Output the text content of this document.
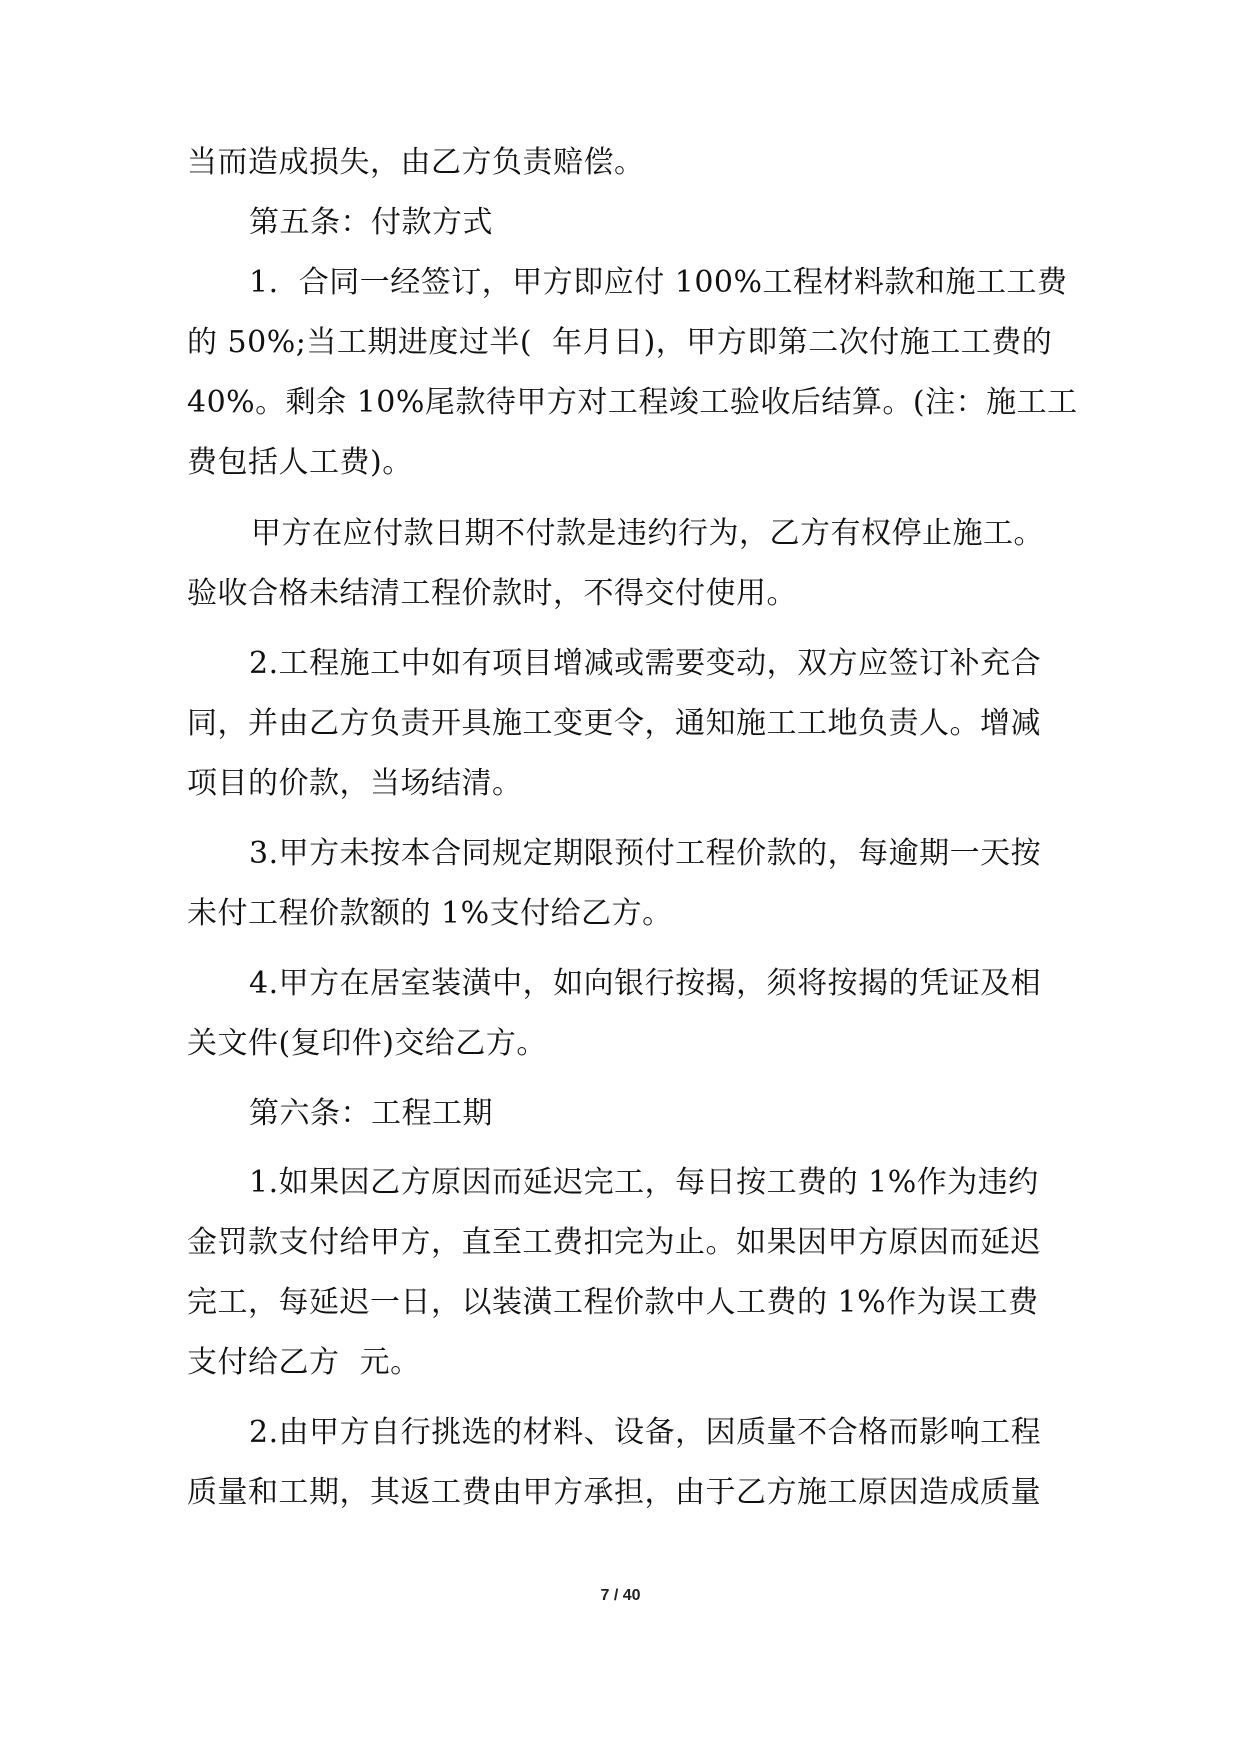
当而造成损失，由乙方负责赔偿。
第五条：付款方式
1.  合同一经签订，甲方即应付 100%工程材料款和施工工费
的 50%;当工期进度过半(  年月日)，甲方即第二次付施工工费的
40%。剩余 10%尾款待甲方对工程竣工验收后结算。(注：施工工
费包括人工费)。
甲方在应付款日期不付款是违约行为，乙方有权停止施工。
验收合格未结清工程价款时，不得交付使用。
2.工程施工中如有项目增减或需要变动，双方应签订补充合
同，并由乙方负责开具施工变更令，通知施工工地负责人。增减
项目的价款，当场结清。
3.甲方未按本合同规定期限预付工程价款的，每逾期一天按
未付工程价款额的 1%支付给乙方。
4.甲方在居室装潢中，如向银行按揭，须将按揭的凭证及相
关文件(复印件)交给乙方。
第六条：工程工期
1.如果因乙方原因而延迟完工，每日按工费的 1%作为违约
金罚款支付给甲方，直至工费扣完为止。如果因甲方原因而延迟
完工，每延迟一日，以装潢工程价款中人工费的 1%作为误工费
支付给乙方  元。
2.由甲方自行挑选的材料、设备，因质量不合格而影响工程
质量和工期，其返工费由甲方承担，由于乙方施工原因造成质量
7 / 40
